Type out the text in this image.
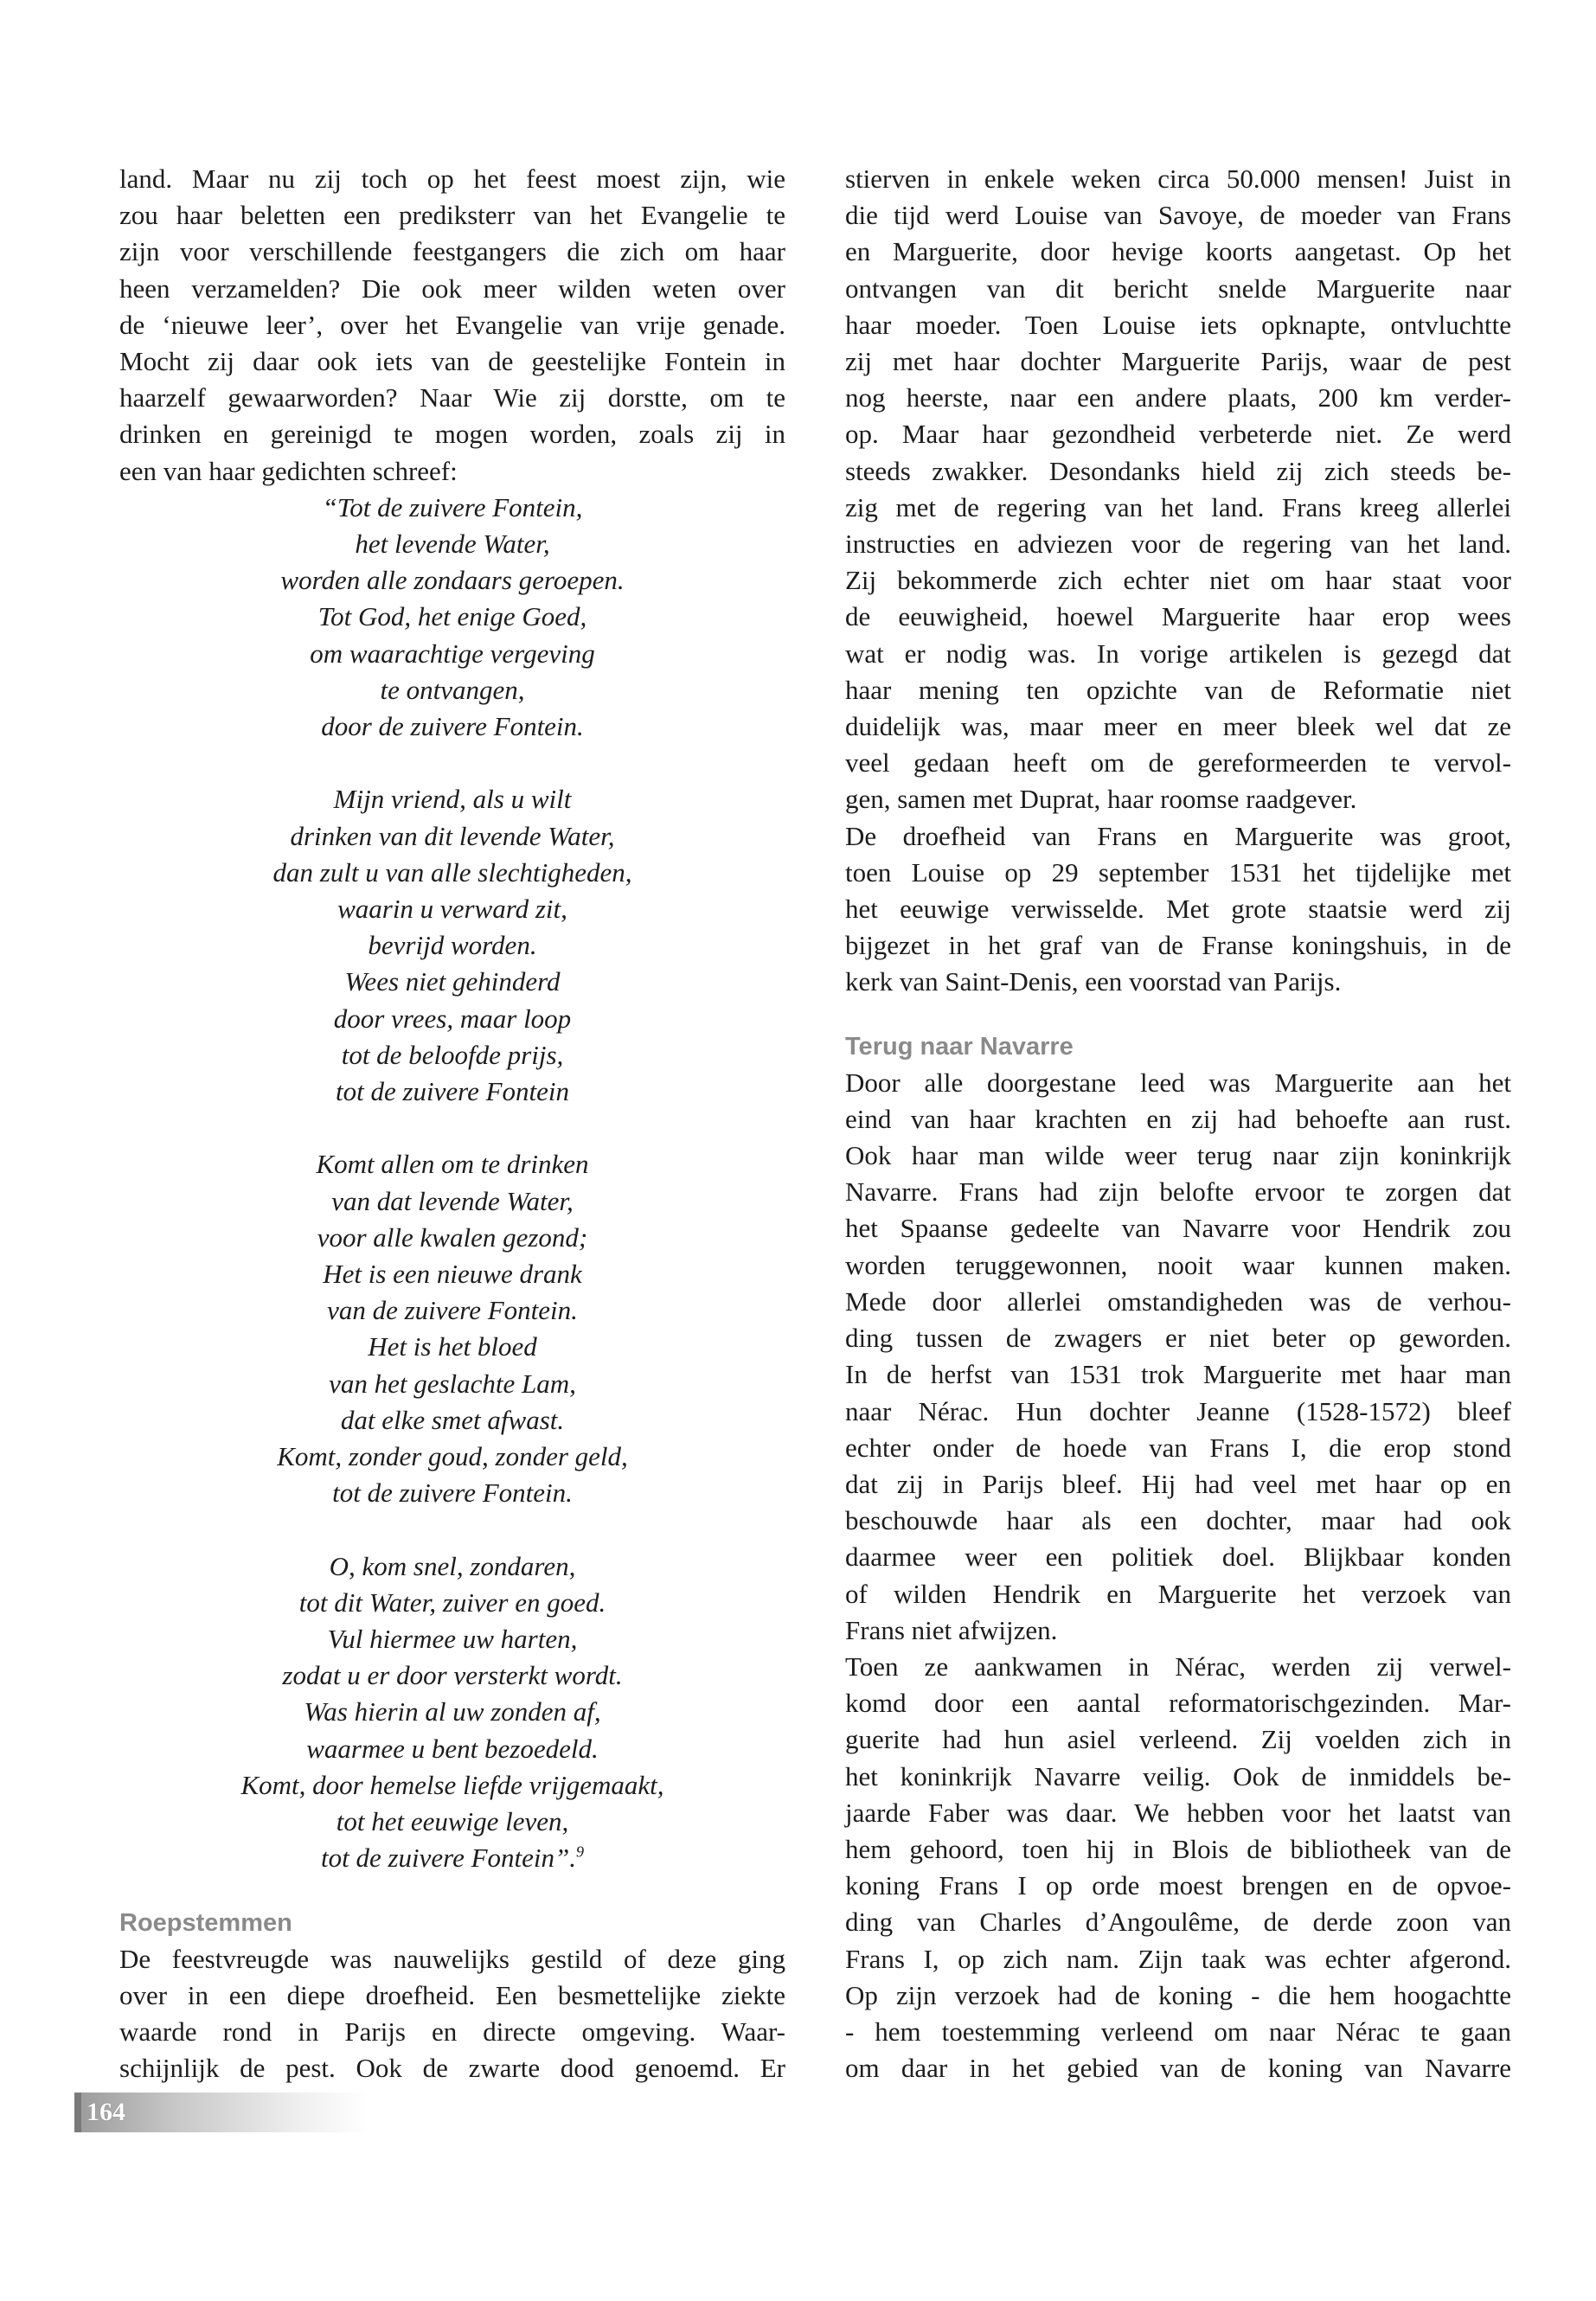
land. Maar nu zij toch op het feest moest zijn, wie
zou haar beletten een prediksterr van het Evangelie te
zijn voor verschillende feestgangers die zich om haar
heen verzamelden? Die ook meer wilden weten over
de ‘nieuwe leer’, over het Evangelie van vrije genade.
Mocht zij daar ook iets van de geestelijke Fontein in
haarzelf gewaarworden? Naar Wie zij dorstte, om te
drinken en gereinigd te mogen worden, zoals zij in
een van haar gedichten schreef:
“Tot de zuivere Fontein,
het levende Water,
worden alle zondaars geroepen.
Tot God, het enige Goed,
om waarachtige vergeving
te ontvangen,
door de zuivere Fontein.
Mijn vriend, als u wilt
drinken van dit levende Water,
dan zult u van alle slechtigheden,
waarin u verward zit,
bevrijd worden.
Wees niet gehinderd
door vrees, maar loop
tot de beloofde prijs,
tot de zuivere Fontein
Komt allen om te drinken
van dat levende Water,
voor alle kwalen gezond;
Het is een nieuwe drank
van de zuivere Fontein.
Het is het bloed
van het geslachte Lam,
dat elke smet afwast.
Komt, zonder goud, zonder geld,
tot de zuivere Fontein.
O, kom snel, zondaren,
tot dit Water, zuiver en goed.
Vul hiermee uw harten,
zodat u er door versterkt wordt.
Was hierin al uw zonden af,
waarmee u bent bezoedeld.
Komt, door hemelse liefde vrijgemaakt,
tot het eeuwige leven,
tot de zuivere Fontein”.$^9$
Roepstemmen
De feestvreugde was nauwelijks gestild of deze ging
over in een diepe droefheid. Een besmettelijke ziekte
waarde rond in Parijs en directe omgeving. Waar-
schijnlijk de pest. Ook de zwarte dood genoemd. Er
stierven in enkele weken circa 50.000 mensen! Juist in
die tijd werd Louise van Savoye, de moeder van Frans
en Marguerite, door hevige koorts aangetast. Op het
ontvangen van dit bericht snelde Marguerite naar
haar moeder. Toen Louise iets opknapte, ontvluchtte
zij met haar dochter Marguerite Parijs, waar de pest
nog heerste, naar een andere plaats, 200 km verder-
op. Maar haar gezondheid verbeterde niet. Ze werd
steeds zwakker. Desondanks hield zij zich steeds be-
zig met de regering van het land. Frans kreeg allerlei
instructies en adviezen voor de regering van het land.
Zij bekommerde zich echter niet om haar staat voor
de eeuwigheid, hoewel Marguerite haar erop wees
wat er nodig was. In vorige artikelen is gezegd dat
haar mening ten opzichte van de Reformatie niet
duidelijk was, maar meer en meer bleek wel dat ze
veel gedaan heeft om de gereformeerden te vervol-
gen, samen met Duprat, haar roomse raadgever.
De droefheid van Frans en Marguerite was groot,
toen Louise op 29 september 1531 het tijdelijke met
het eeuwige verwisselde. Met grote staatsie werd zij
bijgezet in het graf van de Franse koningshuis, in de
kerk van Saint-Denis, een voorstad van Parijs.
Terug naar Navarre
Door alle doorgestane leed was Marguerite aan het
eind van haar krachten en zij had behoefte aan rust.
Ook haar man wilde weer terug naar zijn koninkrijk
Navarre. Frans had zijn belofte ervoor te zorgen dat
het Spaanse gedeelte van Navarre voor Hendrik zou
worden teruggewonnen, nooit waar kunnen maken.
Mede door allerlei omstandigheden was de verhou-
ding tussen de zwagers er niet beter op geworden.
In de herfst van 1531 trok Marguerite met haar man
naar Nérac. Hun dochter Jeanne (1528-1572) bleef
echter onder de hoede van Frans I, die erop stond
dat zij in Parijs bleef. Hij had veel met haar op en
beschouwde haar als een dochter, maar had ook
daarmee weer een politiek doel. Blijkbaar konden
of wilden Hendrik en Marguerite het verzoek van
Frans niet afwijzen.
Toen ze aankwamen in Nérac, werden zij verwel-
komd door een aantal reformatorischgezinden. Mar-
guerite had hun asiel verleend. Zij voelden zich in
het koninkrijk Navarre veilig. Ook de inmiddels be-
jaarde Faber was daar. We hebben voor het laatst van
hem gehoord, toen hij in Blois de bibliotheek van de
koning Frans I op orde moest brengen en de opvoe-
ding van Charles d’Angoulême, de derde zoon van
Frans I, op zich nam. Zijn taak was echter afgerond.
Op zijn verzoek had de koning - die hem hoogachtte
- hem toestemming verleend om naar Nérac te gaan
om daar in het gebied van de koning van Navarre
164
